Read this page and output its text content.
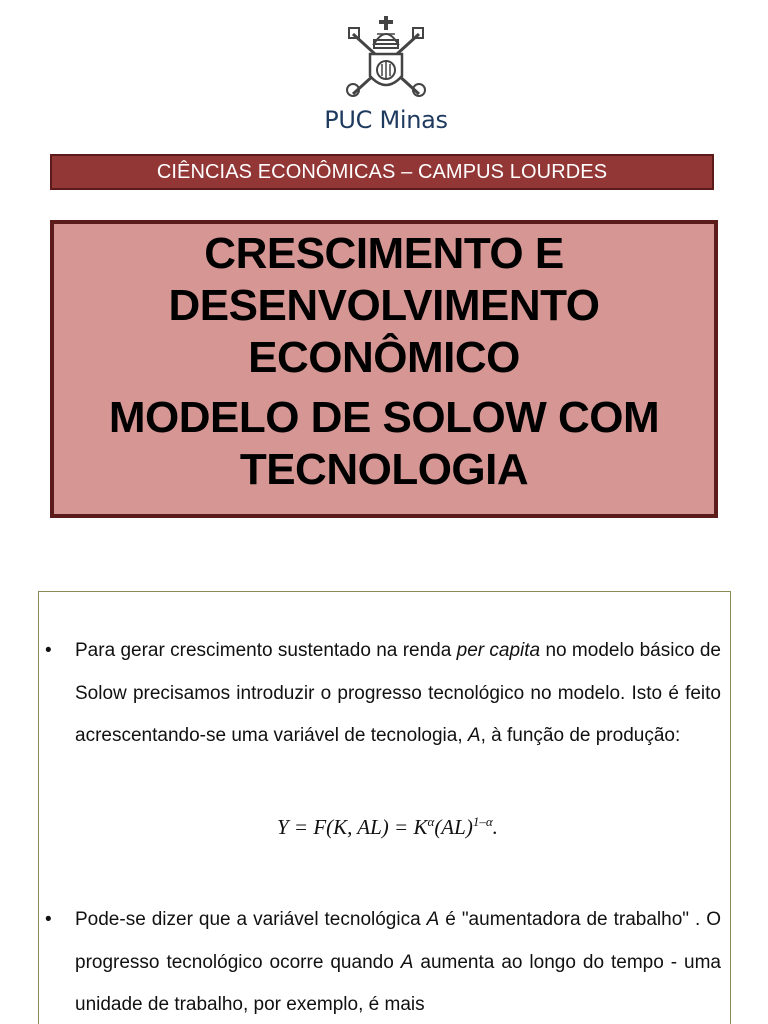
PUC Minas
CIÊNCIAS ECONÔMICAS – CAMPUS LOURDES
CRESCIMENTO E DESENVOLVIMENTO ECONÔMICO
MODELO DE SOLOW COM TECNOLOGIA
• Para gerar crescimento sustentado na renda per capita no modelo básico de Solow precisamos introduzir o progresso tecnológico no modelo. Isto é feito acrescentando-se uma variável de tecnologia, A, à função de produção:
Y = F(K, $AL) = K^\alpha(AL)^{1-\alpha}$.
• Pode-se dizer que a variável tecnológica A é "aumentadora de trabalho" . O progresso tecnológico ocorre quando A aumenta ao longo do tempo - uma unidade de trabalho, por exemplo, é mais
